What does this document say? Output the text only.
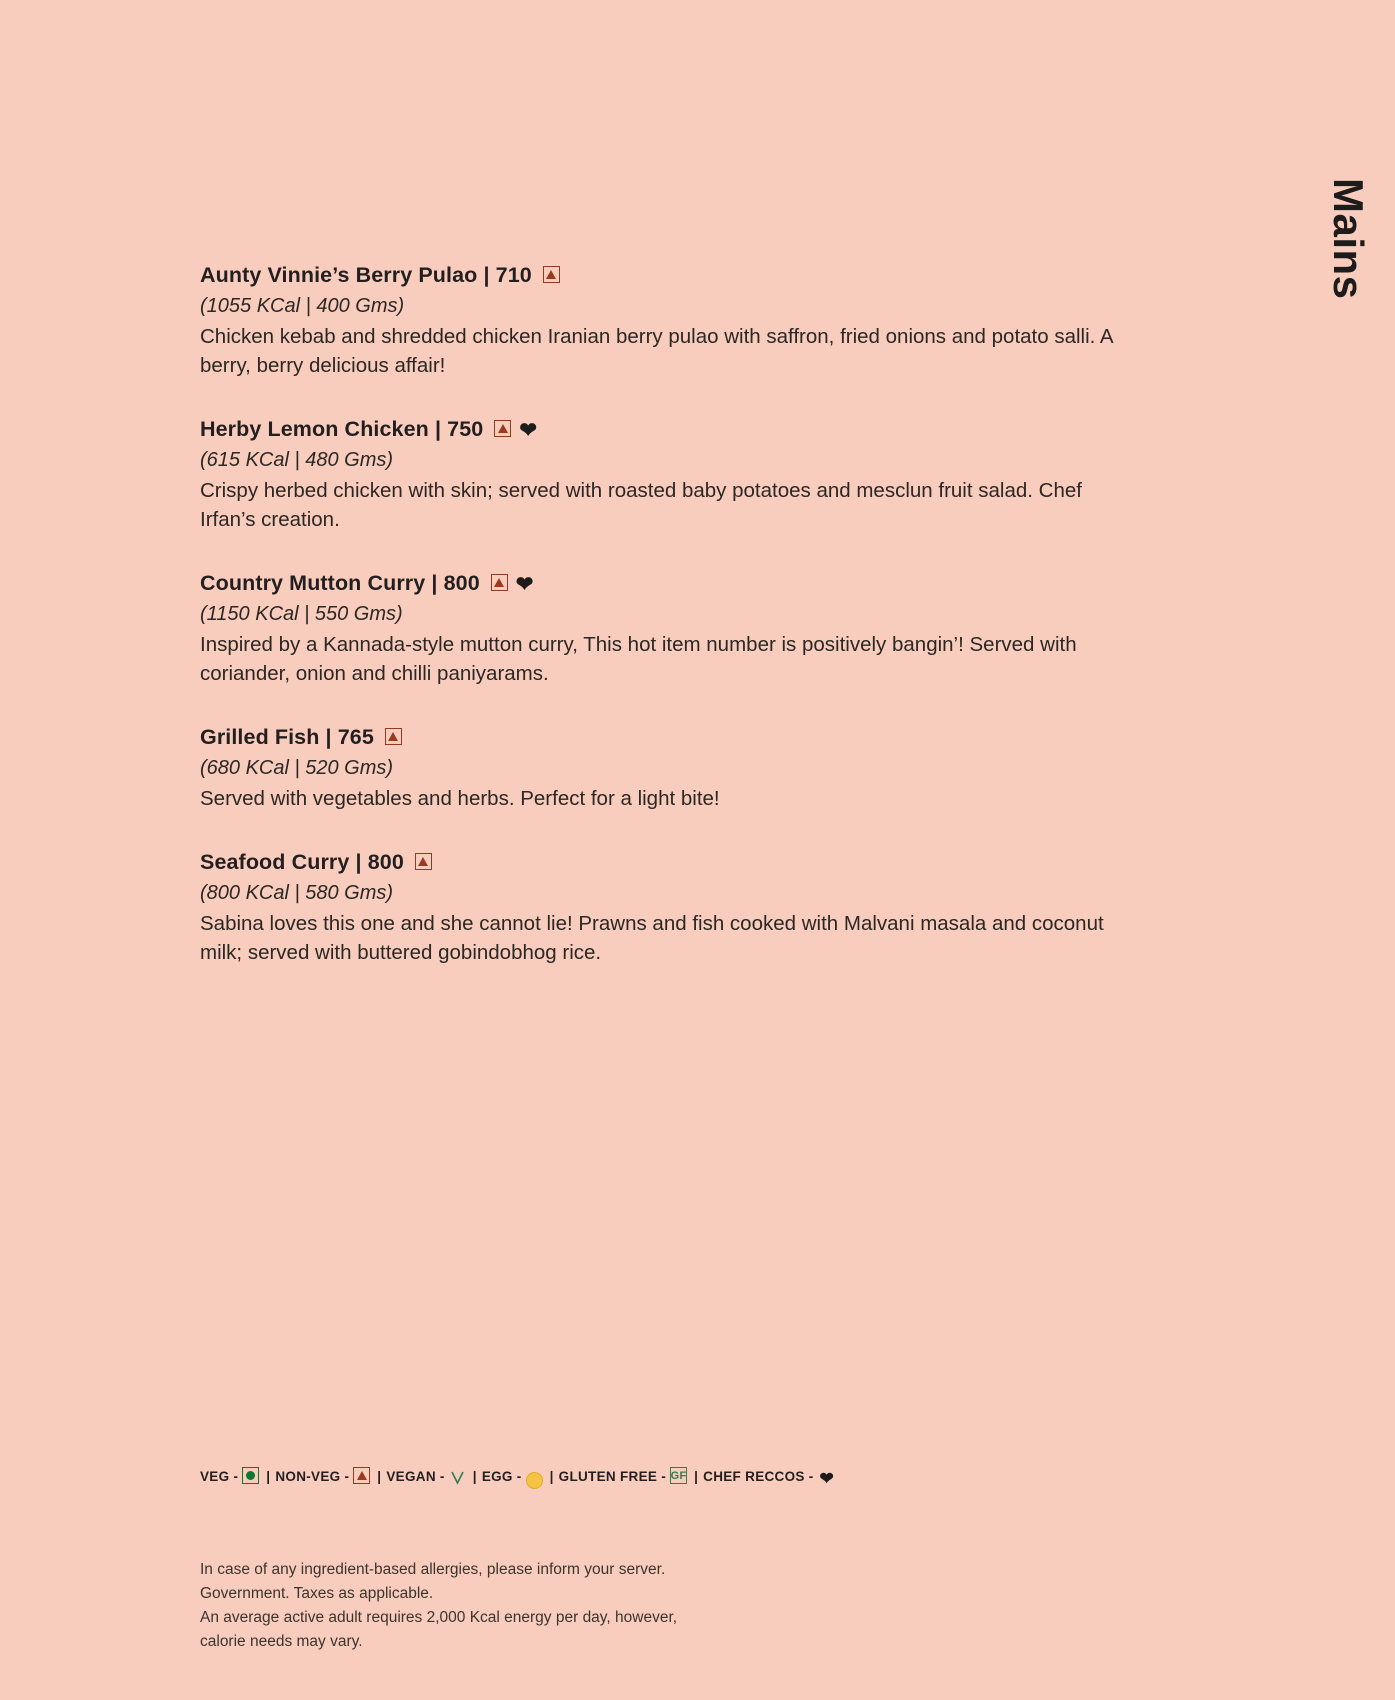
Mains
Aunty Vinnie’s Berry Pulao | 710
(1055 KCal | 400 Gms)
Chicken kebab and shredded chicken Iranian berry pulao with saffron, fried onions and potato salli. A berry, berry delicious affair!
Herby Lemon Chicken | 750 ❤
(615 KCal | 480 Gms)
Crispy herbed chicken with skin; served with roasted baby potatoes and mesclun fruit salad. Chef Irfan’s creation.
Country Mutton Curry | 800 ❤
(1150 KCal | 550 Gms)
Inspired by a Kannada-style mutton curry, This hot item number is positively bangin’! Served with coriander, onion and chilli paniyarams.
Grilled Fish | 765
(680 KCal | 520 Gms)
Served with vegetables and herbs. Perfect for a light bite!
Seafood Curry | 800
(800 KCal | 580 Gms)
Sabina loves this one and she cannot lie! Prawns and fish cooked with Malvani masala and coconut milk; served with buttered gobindobhog rice.
VEG - | NON-VEG - | VEGAN - | EGG - | GLUTEN FREE - GF | CHEF RECCOS - ❤
In case of any ingredient-based allergies, please inform your server.
Government. Taxes as applicable.
An average active adult requires 2,000 Kcal energy per day, however,
calorie needs may vary.
